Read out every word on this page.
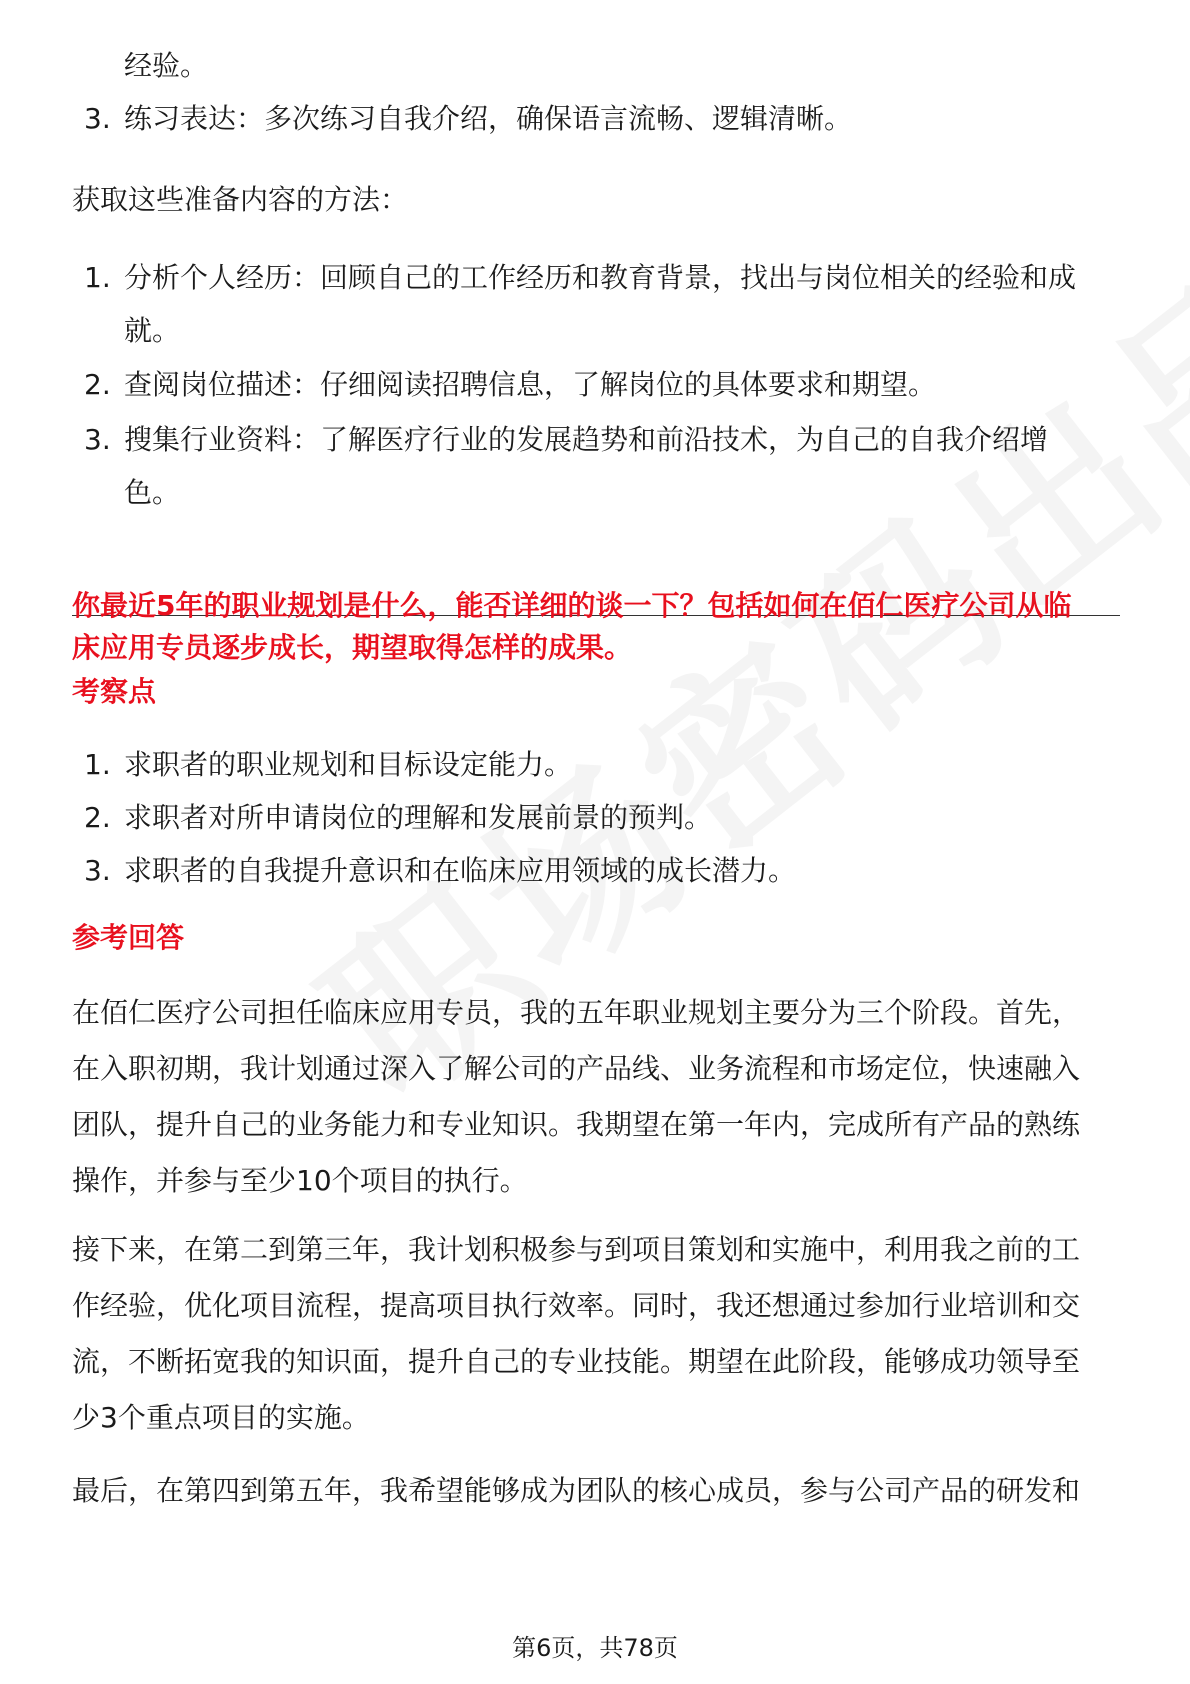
经验。
3. 练习表达：多次练习自我介绍，确保语言流畅、逻辑清晰。
获取这些准备内容的方法：
1. 分析个人经历：回顾自己的工作经历和教育背景，找出与岗位相关的经验和成
就。
2. 查阅岗位描述：仔细阅读招聘信息，了解岗位的具体要求和期望。
3. 搜集行业资料：了解医疗行业的发展趋势和前沿技术，为自己的自我介绍增
色。
你最近5年的职业规划是什么，能否详细的谈一下？包括如何在佰仁医疗公司从临
床应用专员逐步成长，期望取得怎样的成果。
考察点
1. 求职者的职业规划和目标设定能力。
2. 求职者对所申请岗位的理解和发展前景的预判。
3. 求职者的自我提升意识和在临床应用领域的成长潜力。
参考回答
在佰仁医疗公司担任临床应用专员，我的五年职业规划主要分为三个阶段。首先，
在入职初期，我计划通过深入了解公司的产品线、业务流程和市场定位，快速融入
团队，提升自己的业务能力和专业知识。我期望在第一年内，完成所有产品的熟练
操作，并参与至少10个项目的执行。
接下来，在第二到第三年，我计划积极参与到项目策划和实施中，利用我之前的工
作经验，优化项目流程，提高项目执行效率。同时，我还想通过参加行业培训和交
流，不断拓宽我的知识面，提升自己的专业技能。期望在此阶段，能够成功领导至
少3个重点项目的实施。
最后，在第四到第五年，我希望能够成为团队的核心成员，参与公司产品的研发和
第6页，共78页
